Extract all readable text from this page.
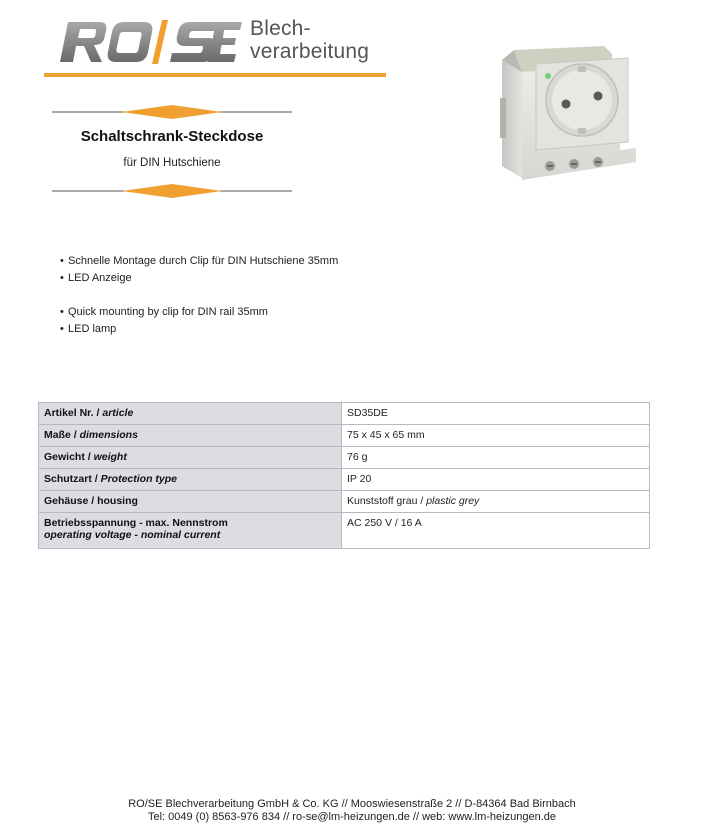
Blech-
verarbeitung
Schaltschrank-Steckdose
für DIN Hutschiene
• Schnelle Montage durch Clip für DIN Hutschiene 35mm
• LED Anzeige
• Quick mounting by clip for DIN rail 35mm
• LED lamp
Artikel Nr. / article	SD35DE
Maße / dimensions	75 x 45 x 65 mm
Gewicht / weight	76 g
Schutzart / Protection type	IP 20
Gehäuse / housing	Kunststoff grau / plastic grey

Betriebsspannung - max. Nennstrom
operating voltage - nominal current	AC 250 V / 16 A
RO/SE Blechverarbeitung GmbH & Co. KG // Mooswiesenstraße 2 // D-84364 Bad Birnbach
Tel: 0049 (0) 8563-976 834 // ro-se@lm-heizungen.de // web: www.lm-heizungen.de
